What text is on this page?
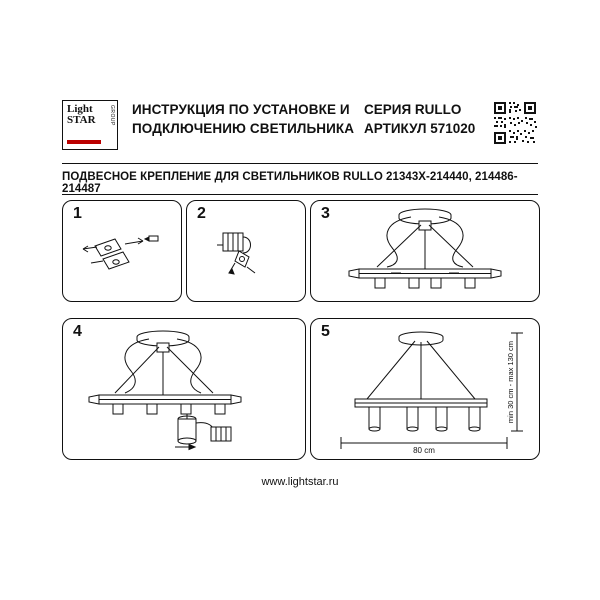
Light
STAR	GROUP ИНСТРУКЦИЯ ПО УСТАНОВКЕ И
ПОДКЛЮЧЕНИЮ СВЕТИЛЬНИКА
СЕРИЯ RULLO
АРТИКУЛ 571020
ПОДВЕСНОЕ КРЕПЛЕНИЕ ДЛЯ СВЕТИЛЬНИКОВ RULLO 21343Х-214440, 214486-214487
1	2	3
4	5
80 cm
min 30 cm - max 130 cm
www.lightstar.ru
